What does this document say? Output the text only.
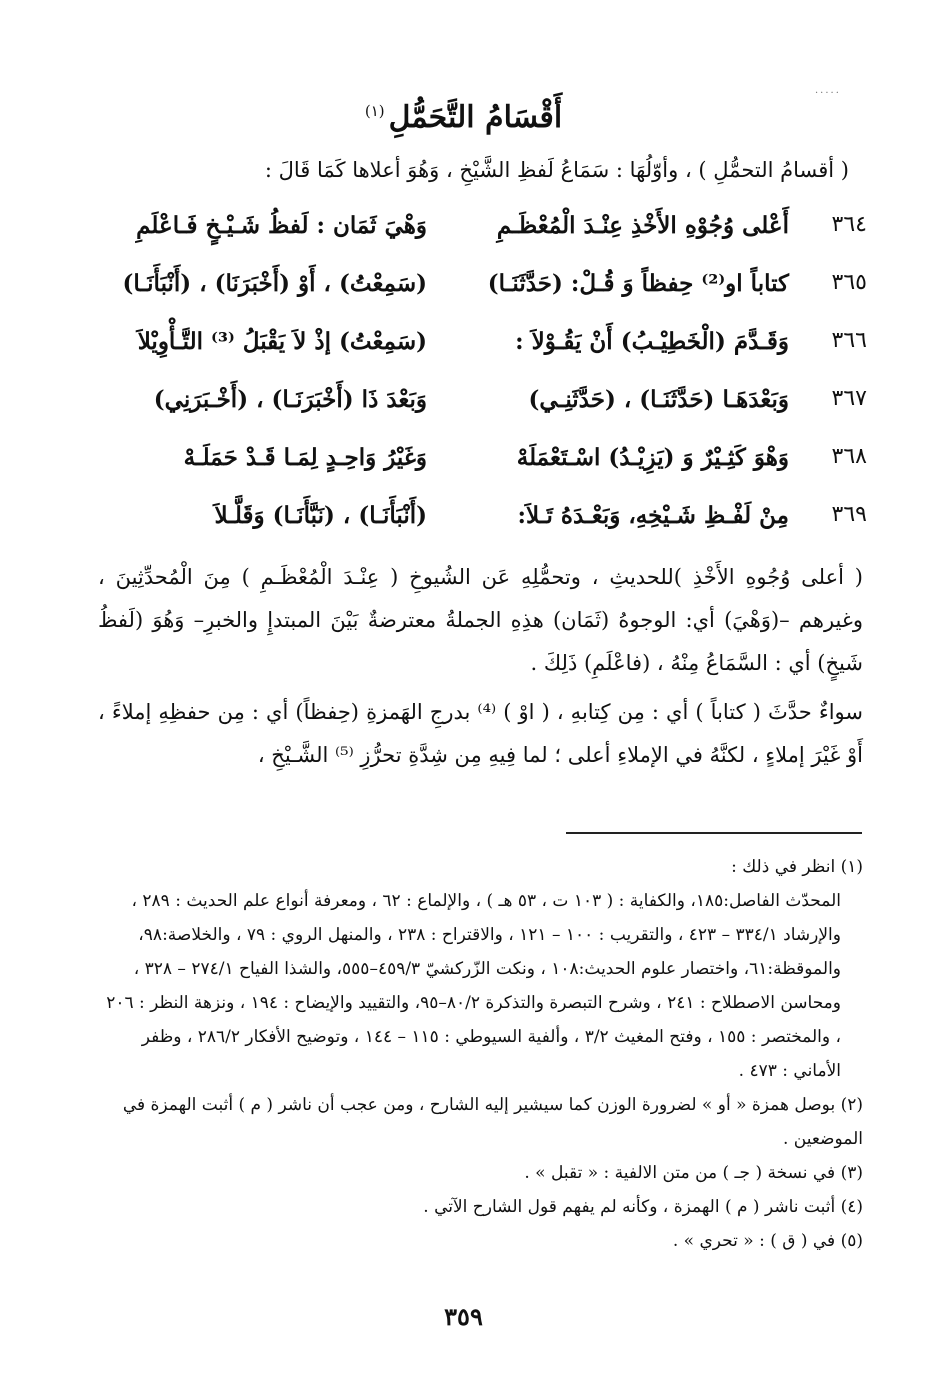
·····
أَقْسَامُ التَّحَمُّلِ$^{(١)}$
( أقسامُ التحمُّلِ ) ، وأوّلُهَا : سَمَاعُ لَفظِ الشَّيْخِ ، وَهُوَ أعلاها كَمَا قَالَ :
٣٦٤
أَعْلى وُجُوْهِ الأَخْذِ عِنْـدَ الْمُعْظَـمِ
وَهْيَ ثَمَان : لَفظُ شَـيْـخٍ فَـاعْلَمِ
٣٦٥
كتاباً او⁽²⁾ حِفظاً وَ قُـلْ: (حَدَّثَنَـا)
(سَمِعْتُ) ، أَوْ (أَخْبَرَنَا) ، (أَنْبَأَنَـا)
٣٦٦
وَقَـدَّمَ (الْخَطِيْـبُ) أَنْ يَقُـوْلاَ :
(سَمِعْتُ) إذْ لاَ يَقْبَلُ ⁽³⁾ التَّـأْوِيْلاَ
٣٦٧
وَبَعْدَهَـا (حَدَّثَنَـا) ، (حَدَّثَنِـي)
وَبَعْدَ ذَا (أَخْبَرَنَـا) ، (أَخْـبَرَنِي)
٣٦٨
وَهْوَ كَثِـيْرٌ وَ (يَزِيْـدُ) اسْـتَعْمَلَهْ
وَغَيْرُ وَاحِـدٍ لِمَـا قَـدْ حَمَلَـهْ
٣٦٩
مِنْ لَفْـظِ شَـيْخِهِ، وَبَعْـدَهُ تَـلاَ:
(أَنْبَأَنَـا) ، (نَبَّأَنَـا) وَقَلَّـلاَ

( أعلى وُجُوهِ الأَخْذِ )للحديثِ ، وتحمُّلِهِ عَن الشُيوخِ ( عِنْـدَ الْمُعْظَـمِ ) مِنَ الْمُحدِّثِينَ ، وغيرهم –(وَهْيَ) أي: الوجوهُ (ثَمَان) هذِهِ الجملةُ معترضةٌ بَيْنَ المبتدإِ والخبرِ– وَهُوَ (لَفظُ شَيخٍ) أي : السَّمَاعُ مِنْهُ ، (فاعْلَمِ) ذَلِكَ .

سواءٌ حدَّثَ ( كتاباً ) أي : مِن كِتابهِ ، ( اوْ ) ⁽⁴⁾ بدرجِ الهَمزةِ (حِفظاً) أي : مِن حفظِهِ إملاءً ، أَوْ غَيْرَ إملاءٍ ، لكنَّهُ في الإملاءِ أعلى ؛ لما فِيهِ مِن شِدَّةِ تحرُّزِ ⁽⁵⁾ الشَّـيْخِ ،

(١) انظر في ذلك :

المحدّث الفاصل:١٨٥، والكفاية : ( ١٠٣ ت ، ٥٣ هـ ) ، والإلماع : ٦٢ ، ومعرفة أنواع علم الحديث : ٢٨٩ ، والإرشاد ٣٣٤/١ – ٤٢٣ ، والتقريب : ١٠٠ – ١٢١ ، والاقتراح : ٢٣٨ ، والمنهل الروي : ٧٩ ، والخلاصة:٩٨، والموقظة:٦١، واختصار علوم الحديث:١٠٨ ، ونكت الزّركشيّ ٤٥٩/٣–٥٥٥، والشذا الفياح ٢٧٤/١ – ٣٢٨ ، ومحاسن الاصطلاح : ٢٤١ ، وشرح التبصرة والتذكرة ٨٠/٢–٩٥، والتقييد والإيضاح : ١٩٤ ، ونزهة النظر : ٢٠٦ ، والمختصر : ١٥٥ ، وفتح المغيث ٣/٢ ، وألفية السيوطي : ١١٥ – ١٤٤ ، وتوضيح الأفكار ٢٨٦/٢ ، وظفر الأماني : ٤٧٣ .

(٢) بوصل همزة « أو » لضرورة الوزن كما سيشير إليه الشارح ، ومن عجب أن ناشر ( م ) أثبت الهمزة في الموضعين .

(٣) في نسخة ( جـ ) من متن الالفية : « تقبل » .

(٤) أثبت ناشر ( م ) الهمزة ، وكأنه لم يفهم قول الشارح الآتي .

(٥) في ( ق ) : « تحري » .

٣٥٩
